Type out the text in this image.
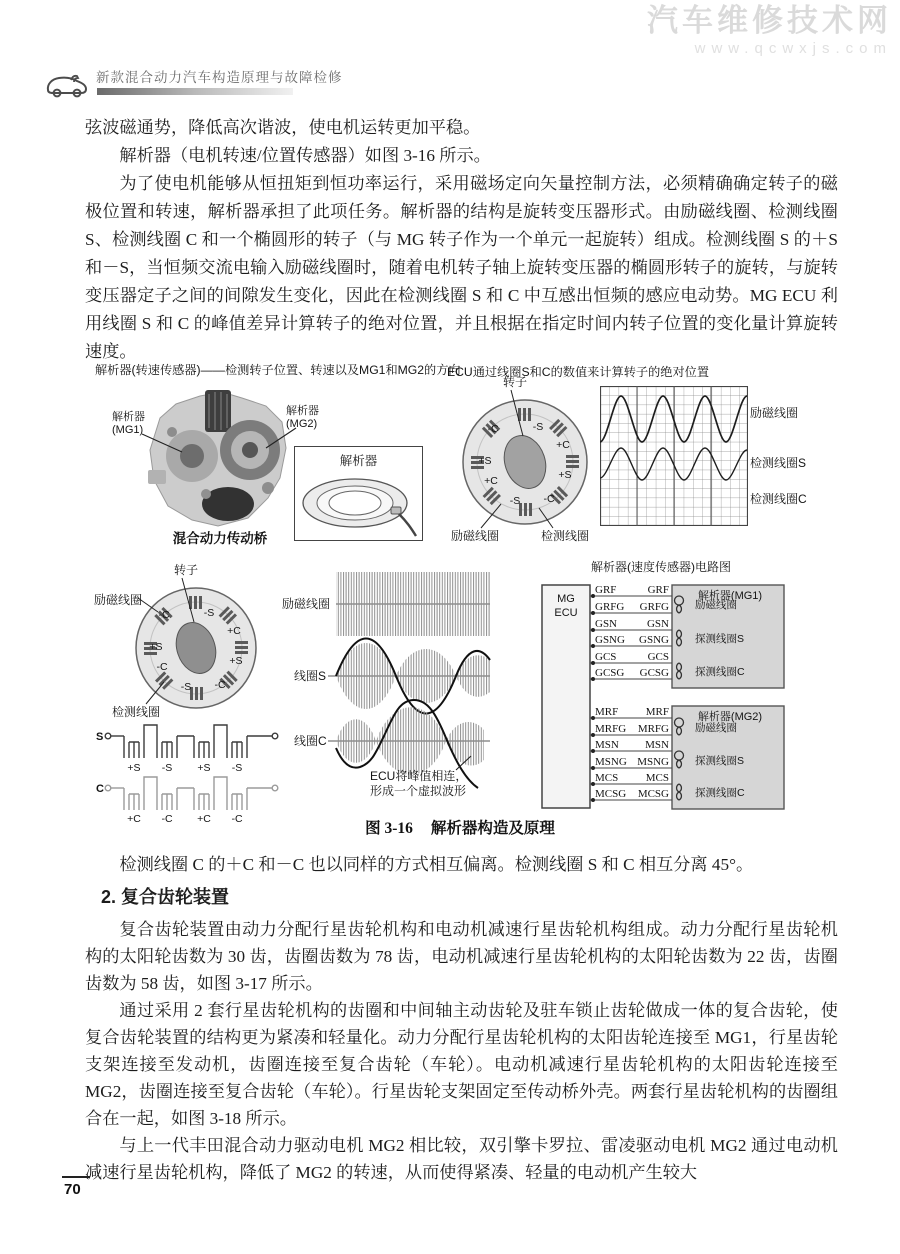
汽车维修技术网
www.qcwxjs.com
新款混合动力汽车构造原理与故障检修

弦波磁通势，降低高次谐波，使电机运转更加平稳。

解析器（电机转速/位置传感器）如图 3-16 所示。

为了使电机能够从恒扭矩到恒功率运行，采用磁场定向矢量控制方法，必须精确确定转子的磁极位置和转速，解析器承担了此项任务。解析器的结构是旋转变压器形式。由励磁线圈、检测线圈 S、检测线圈 C 和一个椭圆形的转子（与 MG 转子作为一个单元一起旋转）组成。检测线圈 S 的＋S 和－S，当恒频交流电输入励磁线圈时，随着电机转子轴上旋转变压器的椭圆形转子的旋转，与旋转变压器定子之间的间隙发生变化，因此在检测线圈 S 和 C 中互感出恒频的感应电动势。MG ECU 利用线圈 S 和 C 的峰值差异计算转子的绝对位置，并且根据在指定时间内转子位置的变化量计算旋转速度。

解析器(转速传感器)——检测转子位置、转速以及MG1和MG2的方向
解析器
(MG1)
解析器
(MG2)
混合动力传动桥
解析器
ECU通过线圈S和C的数值来计算转子的绝对位置
转子
-C	-S
+C
+S
+S
+C
-S -C
励磁线圈	检测线圈
励磁线圈
检测线圈S
检测线圈C
转子
励磁线圈
检测线圈
-C	-S
+C
+S
+S
-C
-S -C
S
+S -S +S -S
C
+C -C +C -C
励磁线圈
线圈S
线圈C
ECU将峰值相连，
形成一个虚拟波形
解析器(速度传感器)电路图
MG
ECU
解析器(MG1)
GRF	GRF
GRFG GRFG
GSN	GSN
GSNG GSNG
GCS	GCS
GCSG GCSG
励磁线圈
探测线圈S
探测线圈C
解析器(MG2)
MRF	MRF
MRFG MRFG
MSN MSN
MSNG MSNG
MCS	MCS
MCSG MCSG
励磁线圈
探测线圈S
探测线圈C
图 3-16 解析器构造及原理

检测线圈 C 的＋C 和－C 也以同样的方式相互偏离。检测线圈 S 和 C 相互分离 45°。

2. 复合齿轮装置

复合齿轮装置由动力分配行星齿轮机构和电动机减速行星齿轮机构组成。动力分配行星齿轮机构的太阳轮齿数为 30 齿，齿圈齿数为 78 齿，电动机减速行星齿轮机构的太阳轮齿数为 22 齿，齿圈齿数为 58 齿，如图 3-17 所示。

通过采用 2 套行星齿轮机构的齿圈和中间轴主动齿轮及驻车锁止齿轮做成一体的复合齿轮，使复合齿轮装置的结构更为紧凑和轻量化。动力分配行星齿轮机构的太阳齿轮连接至 MG1，行星齿轮支架连接至发动机，齿圈连接至复合齿轮（车轮）。电动机减速行星齿轮机构的太阳齿轮连接至 MG2，齿圈连接至复合齿轮（车轮）。行星齿轮支架固定至传动桥外壳。两套行星齿轮机构的齿圈组合在一起，如图 3-18 所示。

与上一代丰田混合动力驱动电机 MG2 相比较，双引擎卡罗拉、雷凌驱动电机 MG2 通过电动机减速行星齿轮机构，降低了 MG2 的转速，从而使得紧凑、轻量的电动机产生较大

70
